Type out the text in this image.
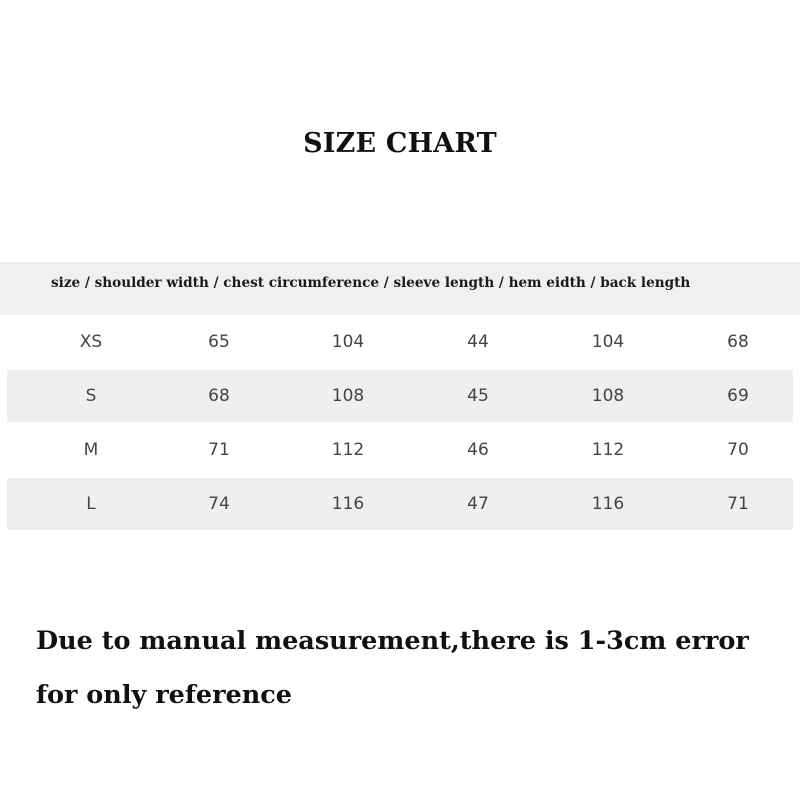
SIZE CHART
size / shoulder width / chest circumference / sleeve length / hem eidth / back length
XS	65	104	44	104	68
S	68	108	45	108	69
M	71	112	46	112	70
L	74	116	47	116	71
Due to manual measurement,there is 1-3cm error
for only reference
